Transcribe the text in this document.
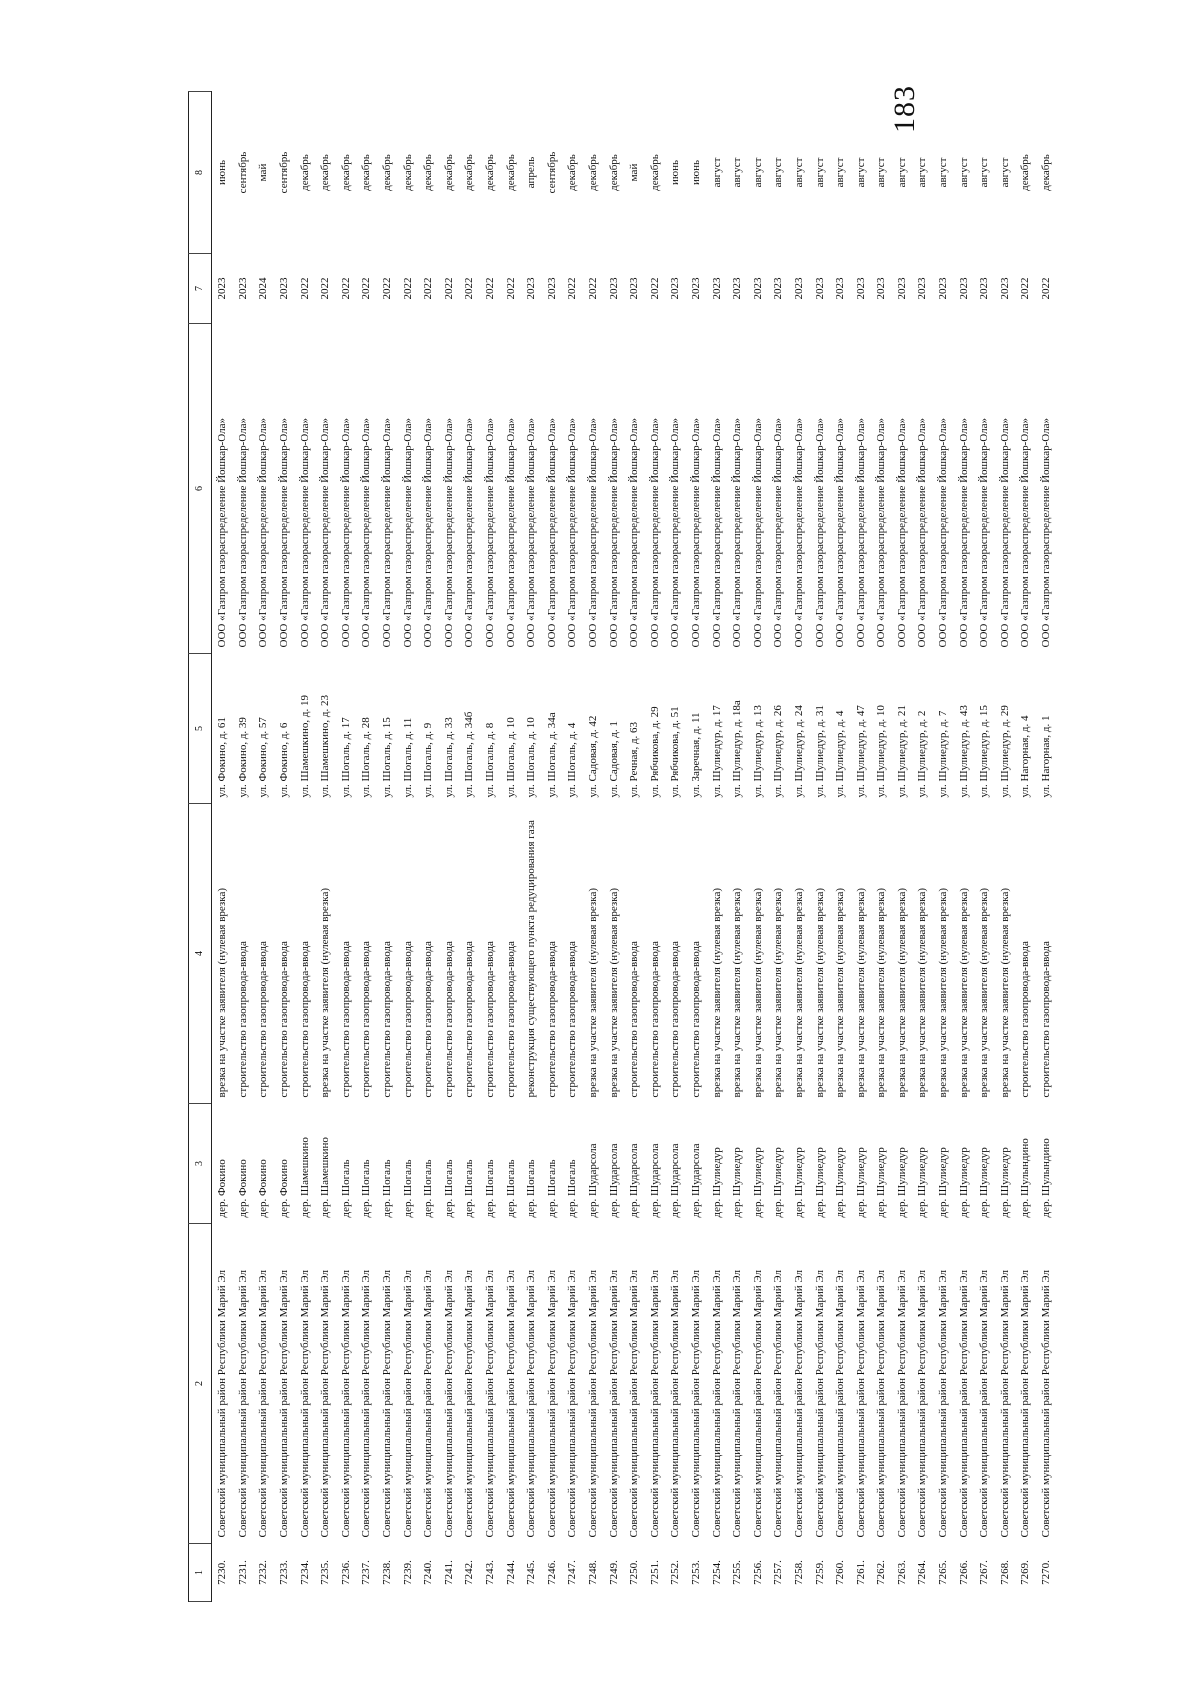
183
1	2	3	4	5	6	7	8
7230.	Советский муниципальный район Республики Марий Эл	дер. Фокино	врезка на участке заявителя (нулевая врезка)	ул. Фокино, д. 61	ООО «Газпром газораспределение Йошкар-Ола»	2023	июнь
7231.	Советский муниципальный район Республики Марий Эл	дер. Фокино	строительство газопровода-ввода	ул. Фокино, д. 39	ООО «Газпром газораспределение Йошкар-Ола»	2023	сентябрь
7232.	Советский муниципальный район Республики Марий Эл	дер. Фокино	строительство газопровода-ввода	ул. Фокино, д. 57	ООО «Газпром газораспределение Йошкар-Ола»	2024	май
7233.	Советский муниципальный район Республики Марий Эл	дер. Фокино	строительство газопровода-ввода	ул. Фокино, д. 6	ООО «Газпром газораспределение Йошкар-Ола»	2023	сентябрь
7234.	Советский муниципальный район Республики Марий Эл	дер. Шамешкино	строительство газопровода-ввода	ул. Шамешкино, д. 19	ООО «Газпром газораспределение Йошкар-Ола»	2022	декабрь
7235.	Советский муниципальный район Республики Марий Эл	дер. Шамешкино	врезка на участке заявителя (нулевая врезка)	ул. Шамешкино, д. 23	ООО «Газпром газораспределение Йошкар-Ола»	2022	декабрь
7236.	Советский муниципальный район Республики Марий Эл	дер. Шогаль	строительство газопровода-ввода	ул. Шогаль, д. 17	ООО «Газпром газораспределение Йошкар-Ола»	2022	декабрь
7237.	Советский муниципальный район Республики Марий Эл	дер. Шогаль	строительство газопровода-ввода	ул. Шогаль, д. 28	ООО «Газпром газораспределение Йошкар-Ола»	2022	декабрь
7238.	Советский муниципальный район Республики Марий Эл	дер. Шогаль	строительство газопровода-ввода	ул. Шогаль, д. 15	ООО «Газпром газораспределение Йошкар-Ола»	2022	декабрь
7239.	Советский муниципальный район Республики Марий Эл	дер. Шогаль	строительство газопровода-ввода	ул. Шогаль, д. 11	ООО «Газпром газораспределение Йошкар-Ола»	2022	декабрь
7240.	Советский муниципальный район Республики Марий Эл	дер. Шогаль	строительство газопровода-ввода	ул. Шогаль, д. 9	ООО «Газпром газораспределение Йошкар-Ола»	2022	декабрь
7241.	Советский муниципальный район Республики Марий Эл	дер. Шогаль	строительство газопровода-ввода	ул. Шогаль, д. 33	ООО «Газпром газораспределение Йошкар-Ола»	2022	декабрь
7242.	Советский муниципальный район Республики Марий Эл	дер. Шогаль	строительство газопровода-ввода	ул. Шогаль, д. 34б	ООО «Газпром газораспределение Йошкар-Ола»	2022	декабрь
7243.	Советский муниципальный район Республики Марий Эл	дер. Шогаль	строительство газопровода-ввода	ул. Шогаль, д. 8	ООО «Газпром газораспределение Йошкар-Ола»	2022	декабрь
7244.	Советский муниципальный район Республики Марий Эл	дер. Шогаль	строительство газопровода-ввода	ул. Шогаль, д. 10	ООО «Газпром газораспределение Йошкар-Ола»	2022	декабрь
7245.	Советский муниципальный район Республики Марий Эл	дер. Шогаль	реконструкция существующего пункта редуцирования газа	ул. Шогаль, д. 10	ООО «Газпром газораспределение Йошкар-Ола»	2023	апрель
7246.	Советский муниципальный район Республики Марий Эл	дер. Шогаль	строительство газопровода-ввода	ул. Шогаль, д. 34а	ООО «Газпром газораспределение Йошкар-Ола»	2023	сентябрь
7247.	Советский муниципальный район Республики Марий Эл	дер. Шогаль	строительство газопровода-ввода	ул. Шогаль, д. 4	ООО «Газпром газораспределение Йошкар-Ола»	2022	декабрь
7248.	Советский муниципальный район Республики Марий Эл	дер. Шударсола	врезка на участке заявителя (нулевая врезка)	ул. Садовая, д. 42	ООО «Газпром газораспределение Йошкар-Ола»	2022	декабрь
7249.	Советский муниципальный район Республики Марий Эл	дер. Шударсола	врезка на участке заявителя (нулевая врезка)	ул. Садовая, д. 1	ООО «Газпром газораспределение Йошкар-Ола»	2023	декабрь
7250.	Советский муниципальный район Республики Марий Эл	дер. Шударсола	строительство газопровода-ввода	ул. Речная, д. 63	ООО «Газпром газораспределение Йошкар-Ола»	2023	май
7251.	Советский муниципальный район Республики Марий Эл	дер. Шударсола	строительство газопровода-ввода	ул. Рябчикова, д. 29	ООО «Газпром газораспределение Йошкар-Ола»	2022	декабрь
7252.	Советский муниципальный район Республики Марий Эл	дер. Шударсола	строительство газопровода-ввода	ул. Рябчикова, д. 51	ООО «Газпром газораспределение Йошкар-Ола»	2023	июнь
7253.	Советский муниципальный район Республики Марий Эл	дер. Шударсола	строительство газопровода-ввода	ул. Заречная, д. 11	ООО «Газпром газораспределение Йошкар-Ола»	2023	июнь
7254.	Советский муниципальный район Республики Марий Эл	дер. Шулиедур	врезка на участке заявителя (нулевая врезка)	ул. Шулиедур, д. 17	ООО «Газпром газораспределение Йошкар-Ола»	2023	август
7255.	Советский муниципальный район Республики Марий Эл	дер. Шулиедур	врезка на участке заявителя (нулевая врезка)	ул. Шулиедур, д. 18а	ООО «Газпром газораспределение Йошкар-Ола»	2023	август
7256.	Советский муниципальный район Республики Марий Эл	дер. Шулиедур	врезка на участке заявителя (нулевая врезка)	ул. Шулиедур, д. 13	ООО «Газпром газораспределение Йошкар-Ола»	2023	август
7257.	Советский муниципальный район Республики Марий Эл	дер. Шулиедур	врезка на участке заявителя (нулевая врезка)	ул. Шулиедур, д. 26	ООО «Газпром газораспределение Йошкар-Ола»	2023	август
7258.	Советский муниципальный район Республики Марий Эл	дер. Шулиедур	врезка на участке заявителя (нулевая врезка)	ул. Шулиедур, д. 24	ООО «Газпром газораспределение Йошкар-Ола»	2023	август
7259.	Советский муниципальный район Республики Марий Эл	дер. Шулиедур	врезка на участке заявителя (нулевая врезка)	ул. Шулиедур, д. 31	ООО «Газпром газораспределение Йошкар-Ола»	2023	август
7260.	Советский муниципальный район Республики Марий Эл	дер. Шулиедур	врезка на участке заявителя (нулевая врезка)	ул. Шулиедур, д. 4	ООО «Газпром газораспределение Йошкар-Ола»	2023	август
7261.	Советский муниципальный район Республики Марий Эл	дер. Шулиедур	врезка на участке заявителя (нулевая врезка)	ул. Шулиедур, д. 47	ООО «Газпром газораспределение Йошкар-Ола»	2023	август
7262.	Советский муниципальный район Республики Марий Эл	дер. Шулиедур	врезка на участке заявителя (нулевая врезка)	ул. Шулиедур, д. 10	ООО «Газпром газораспределение Йошкар-Ола»	2023	август
7263.	Советский муниципальный район Республики Марий Эл	дер. Шулиедур	врезка на участке заявителя (нулевая врезка)	ул. Шулиедур, д. 21	ООО «Газпром газораспределение Йошкар-Ола»	2023	август
7264.	Советский муниципальный район Республики Марий Эл	дер. Шулиедур	врезка на участке заявителя (нулевая врезка)	ул. Шулиедур, д. 2	ООО «Газпром газораспределение Йошкар-Ола»	2023	август
7265.	Советский муниципальный район Республики Марий Эл	дер. Шулиедур	врезка на участке заявителя (нулевая врезка)	ул. Шулиедур, д. 7	ООО «Газпром газораспределение Йошкар-Ола»	2023	август
7266.	Советский муниципальный район Республики Марий Эл	дер. Шулиедур	врезка на участке заявителя (нулевая врезка)	ул. Шулиедур, д. 43	ООО «Газпром газораспределение Йошкар-Ола»	2023	август
7267.	Советский муниципальный район Республики Марий Эл	дер. Шулиедур	врезка на участке заявителя (нулевая врезка)	ул. Шулиедур, д. 15	ООО «Газпром газораспределение Йошкар-Ола»	2023	август
7268.	Советский муниципальный район Республики Марий Эл	дер. Шулиедур	врезка на участке заявителя (нулевая врезка)	ул. Шулиедур, д. 29	ООО «Газпром газораспределение Йошкар-Ола»	2023	август
7269.	Советский муниципальный район Республики Марий Эл	дер. Шулындино	строительство газопровода-ввода	ул. Нагорная, д. 4	ООО «Газпром газораспределение Йошкар-Ола»	2022	декабрь
7270.	Советский муниципальный район Республики Марий Эл	дер. Шулындино	строительство газопровода-ввода	ул. Нагорная, д. 1	ООО «Газпром газораспределение Йошкар-Ола»	2022	декабрь
